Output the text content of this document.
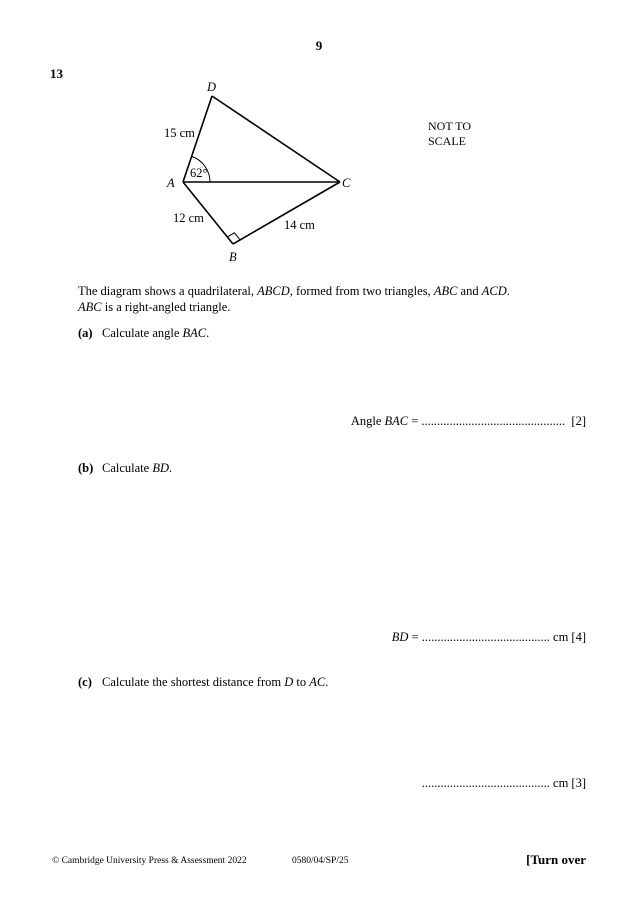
9
13
D
A	C
B
15 cm
62°
12 cm	14 cm
NOT TO
SCALE
The diagram shows a quadrilateral, ABCD, formed from two triangles, ABC and ACD.
ABC is a right-angled triangle.
(a) Calculate angle BAC.
Angle BAC = .............................................. [2]
(b) Calculate BD.
BD = ......................................... cm [4]
(c) Calculate the shortest distance from D to AC.
......................................... cm [3]
© Cambridge University Press & Assessment 2022	0580/04/SP/25	[Turn over
